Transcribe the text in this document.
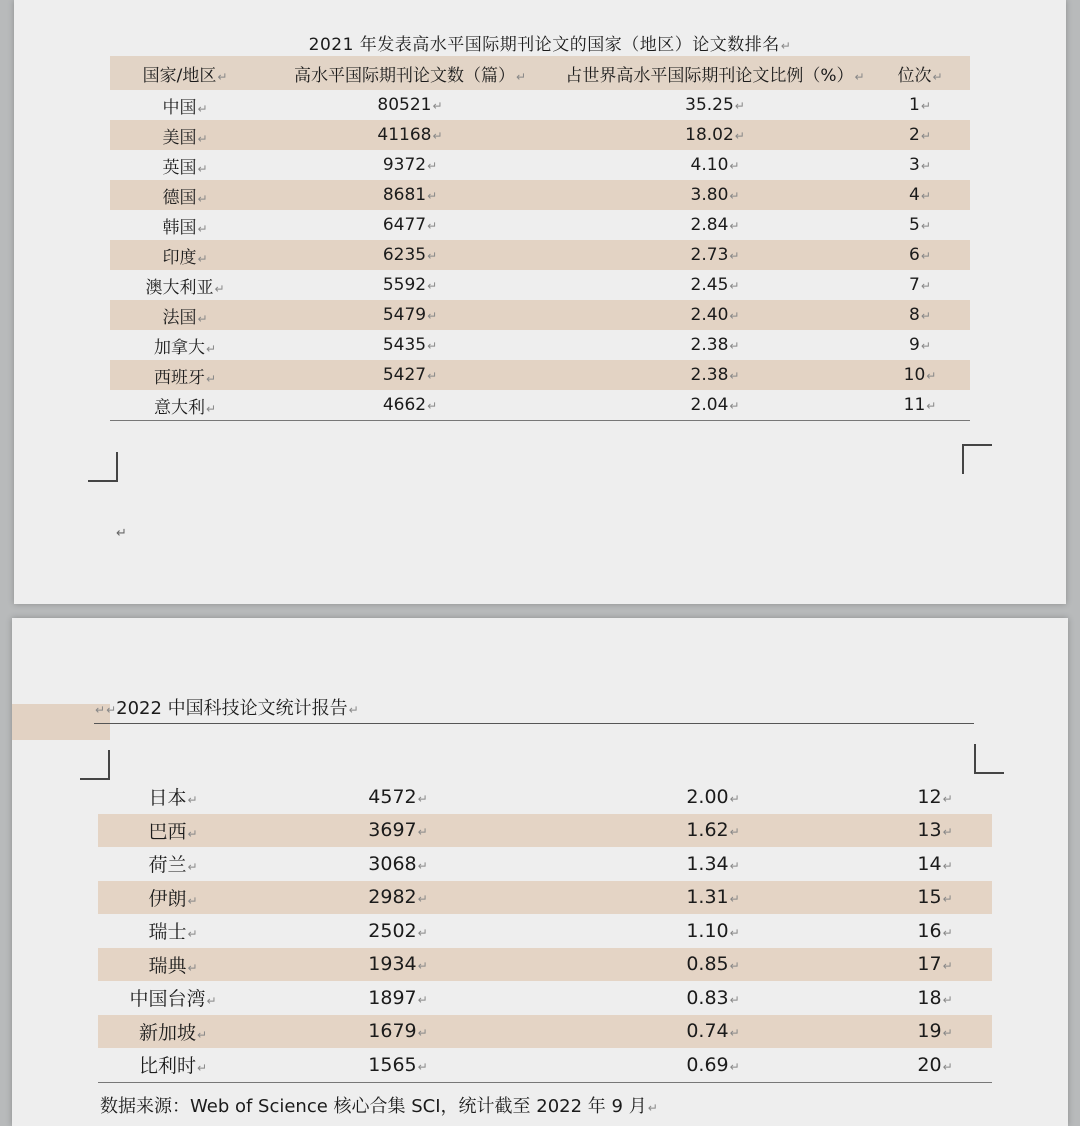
2021 年发表高水平国际期刊论文的国家（地区）论文数排名↵
国家/地区↵	高水平国际期刊论文数（篇）↵	占世界高水平国际期刊论文比例（%）↵	位次↵
中国↵	80521↵	35.25↵	1↵
美国↵	41168↵	18.02↵	2↵
英国↵	9372↵	4.10↵	3↵
德国↵	8681↵	3.80↵	4↵
韩国↵	6477↵	2.84↵	5↵
印度↵	6235↵	2.73↵	6↵
澳大利亚↵	5592↵	2.45↵	7↵
法国↵	5479↵	2.40↵	8↵
加拿大↵	5435↵	2.38↵	9↵
西班牙↵	5427↵	2.38↵	10↵
意大利↵	4662↵	2.04↵	11↵
↵
↵↵2022 中国科技论文统计报告↵
日本↵	4572↵	2.00↵	12↵
巴西↵	3697↵	1.62↵	13↵
荷兰↵	3068↵	1.34↵	14↵
伊朗↵	2982↵	1.31↵	15↵
瑞士↵	2502↵	1.10↵	16↵
瑞典↵	1934↵	0.85↵	17↵
中国台湾↵	1897↵	0.83↵	18↵
新加坡↵	1679↵	0.74↵	19↵
比利时↵	1565↵	0.69↵	20↵
数据来源：Web of Science 核心合集 SCI，统计截至 2022 年 9 月↵
